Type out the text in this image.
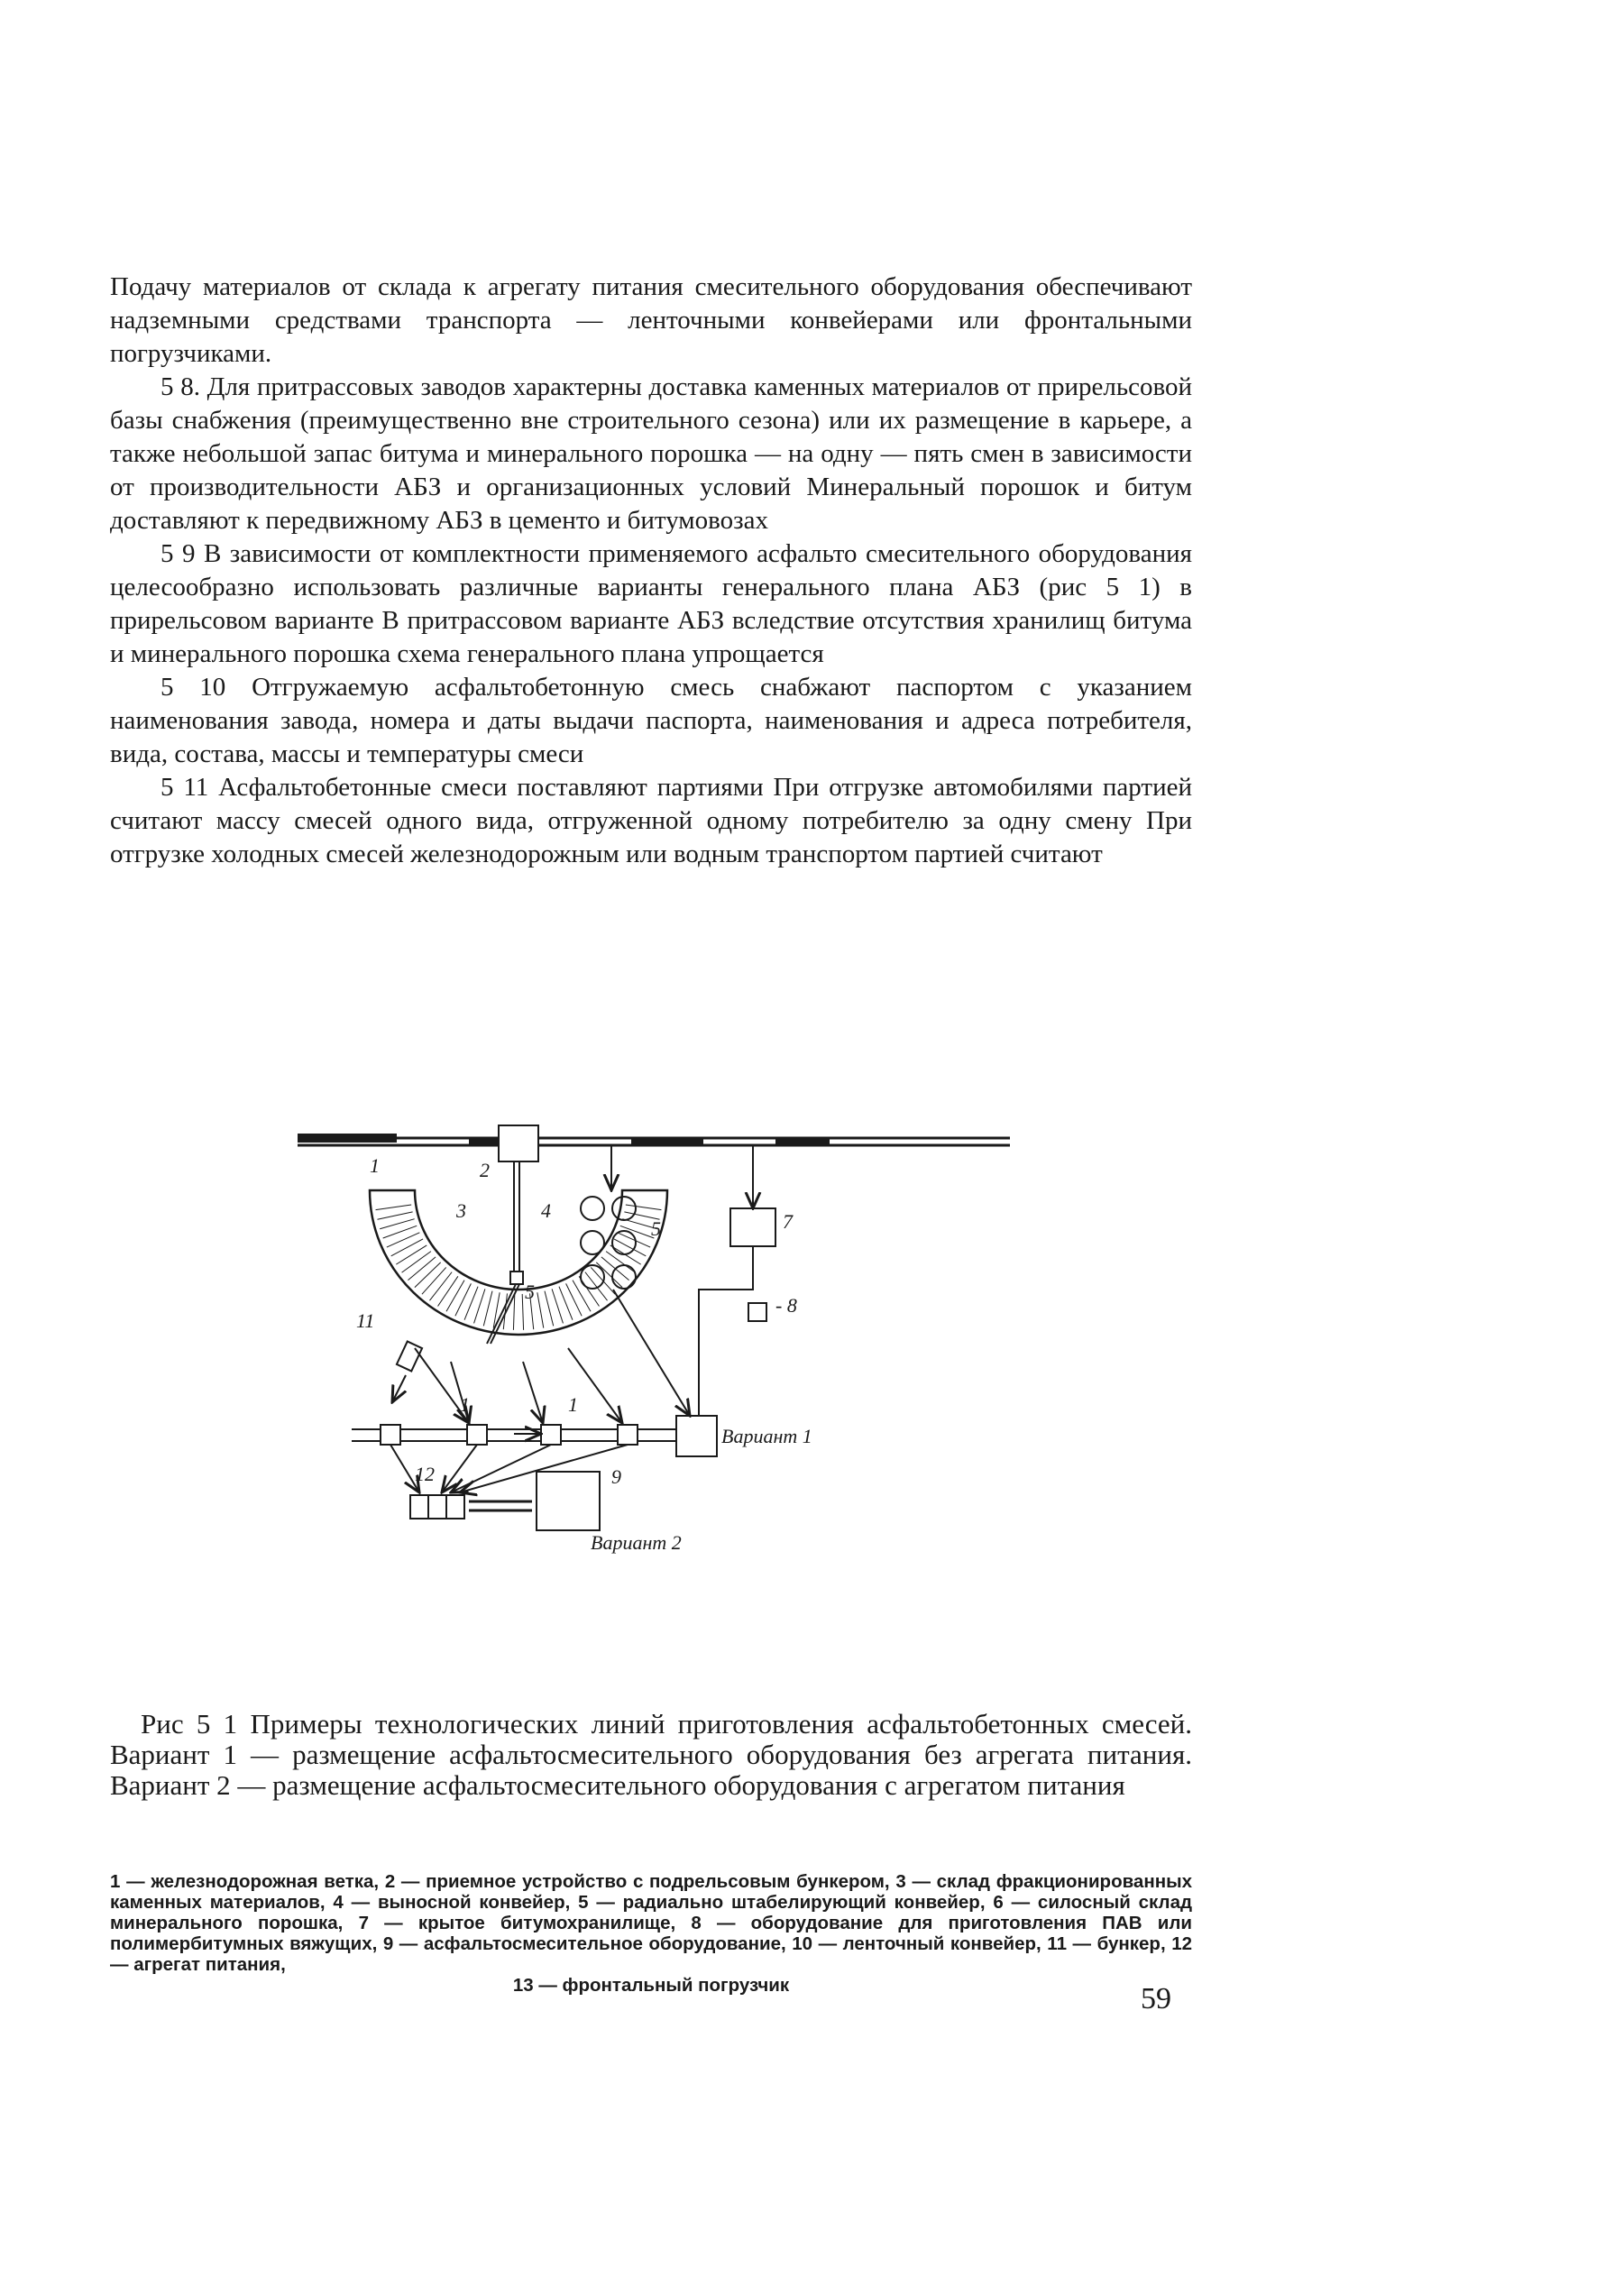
Подачу материалов от склада к агрегату питания смесительного оборудования обеспечивают надземными средствами транспорта — ленточными конвейерами или фронтальными погрузчиками.

5 8. Для притрассовых заводов характерны доставка каменных материалов от прирельсовой базы снабжения (преимущественно вне строительного сезона) или их размещение в карьере, а также небольшой запас битума и минерального порошка — на одну — пять смен в зависимости от производительности АБЗ и организационных условий Минеральный порошок и битум доставляют к передвижному АБЗ в цементо и битумовозах

5 9 В зависимости от комплектности применяемого асфальто смесительного оборудования целесообразно использовать различные варианты генерального плана АБЗ (рис 5 1) в прирельсовом варианте В притрассовом варианте АБЗ вследствие отсутствия хранилищ битума и минерального порошка схема генерального плана упрощается

5 10 Отгружаемую асфальтобетонную смесь снабжают паспортом с указанием наименования завода, номера и даты выдачи паспорта, наименования и адреса потребителя, вида, состава, массы и температуры смеси

5 11 Асфальтобетонные смеси поставляют партиями При отгрузке автомобилями партией считают массу смесей одного вида, отгруженной одному потребителю за одну смену При отгрузке холодных смесей железнодорожным или водным транспортом партией считают

1	2
3	4
5
5	7
- 8
11
1	1
12	9
Вариант 1
Вариант 2
Рис 5 1 Примеры технологических линий приготовления асфальтобетонных смесей. Вариант 1 — размещение асфальтосмесительного оборудования без агрегата питания. Вариант 2 — размещение асфальтосмесительного оборудования с агрегатом питания
1 — железнодорожная ветка, 2 — приемное устройство с подрельсовым бункером, 3 — склад фракционированных каменных материалов, 4 — выносной конвейер, 5 — радиально штабелирующий конвейер, 6 — силосный склад минерального порошка, 7 — крытое битумохранилище, 8 — оборудование для приготовления ПАВ или полимербитумных вяжущих, 9 — асфальтосмесительное оборудование, 10 — ленточный конвейер, 11 — бункер, 12 — агрегат питания,
13 — фронтальный погрузчик	59
